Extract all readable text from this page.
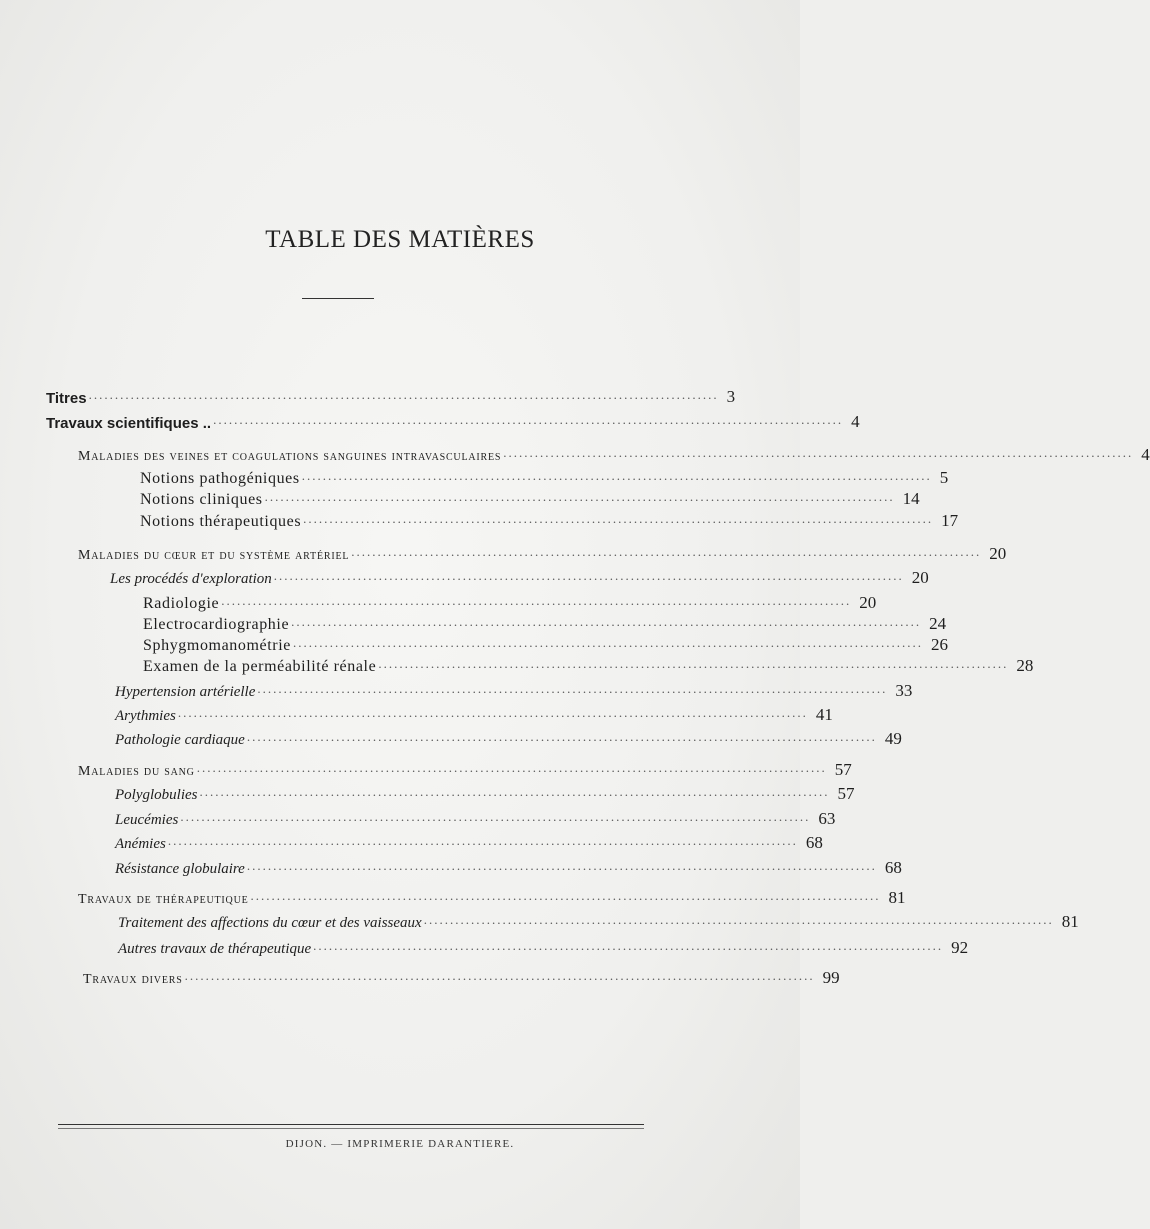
TABLE DES MATIÈRES
Titres ........................................................................................................................ 3
Travaux scientifiques .. ........................................................................................................................ 4
Maladies des veines et coagulations sanguines intravasculaires ........................................................................................................................ 4
Notions pathogéniques ........................................................................................................................ 5
Notions cliniques ........................................................................................................................ 14
Notions thérapeutiques ........................................................................................................................ 17
Maladies du cœur et du système artériel ........................................................................................................................ 20
Les procédés d'exploration ........................................................................................................................ 20
Radiologie ........................................................................................................................ 20
Electrocardiographie ........................................................................................................................ 24
Sphygmomanométrie ........................................................................................................................ 26
Examen de la perméabilité rénale ........................................................................................................................ 28
Hypertension artérielle ........................................................................................................................ 33
Arythmies ........................................................................................................................ 41
Pathologie cardiaque ........................................................................................................................ 49
Maladies du sang ........................................................................................................................ 57
Polyglobulies ........................................................................................................................ 57
Leucémies ........................................................................................................................ 63
Anémies ........................................................................................................................ 68
Résistance globulaire ........................................................................................................................ 68
Travaux de thérapeutique ........................................................................................................................ 81
Traitement des affections du cœur et des vaisseaux ........................................................................................................................ 81
Autres travaux de thérapeutique ........................................................................................................................ 92
Travaux divers ........................................................................................................................ 99
DIJON. — IMPRIMERIE DARANTIERE.
